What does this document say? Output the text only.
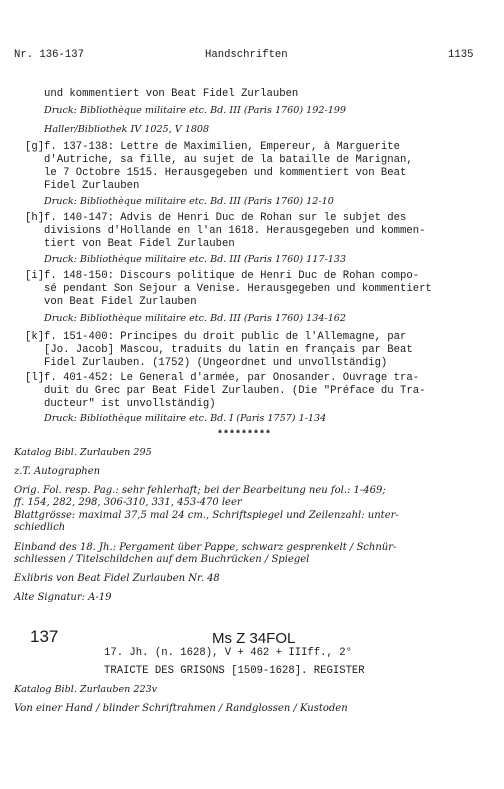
Nr. 136-137	Handschriften	1135
und kommentiert von Beat Fidel Zurlauben
Druck: Bibliothèque militaire etc. Bd. III (Paris 1760) 192-199
Haller/Bibliothek IV 1025, V 1808
[g] f. 137-138: Lettre de Maximilien, Empereur, à Marguerite
d'Autriche, sa fille, au sujet de la bataille de Marignan,
le 7 Octobre 1515. Herausgegeben und kommentiert von Beat
Fidel Zurlauben
Druck: Bibliothèque militaire etc. Bd. III (Paris 1760) 12-10
[h] f. 140-147: Advis de Henri Duc de Rohan sur le subjet des
divisions d'Hollande en l'an 1618. Herausgegeben und kommen-
tiert von Beat Fidel Zurlauben
Druck: Bibliothèque militaire etc. Bd. III (Paris 1760) 117-133
[i] f. 148-150: Discours politique de Henri Duc de Rohan compo-
sé pendant Son Sejour a Venise. Herausgegeben und kommentiert
von Beat Fidel Zurlauben
Druck: Bibliothèque militaire etc. Bd. III (Paris 1760) 134-162
[k] f. 151-400: Principes du droit public de l'Allemagne, par
[Jo. Jacob] Mascou, traduits du latin en français par Beat
Fidel Zurlauben. (1752) (Ungeordnet und unvollständig)
[l] f. 401-452: Le General d'armée, par Onosander. Ouvrage tra-
duit du Grec par Beat Fidel Zurlauben. (Die "Préface du Tra-
ducteur" ist unvollständig)
Druck: Bibliothèque militaire etc. Bd. I (Paris 1757) 1-134
*********
Katalog Bibl. Zurlauben 295
z.T. Autographen
Orig. Fol. resp. Pag.: sehr fehlerhaft; bei der Bearbeitung neu fol.: 1-469;
ff. 154, 282, 298, 306-310, 331, 453-470 leer
Blattgrösse: maximal 37,5 mal 24 cm., Schriftspiegel und Zeilenzahl: unter-
schiedlich
Einband des 18. Jh.: Pergament über Pappe, schwarz gesprenkelt / Schnür-
schliessen / Titelschildchen auf dem Buchrücken / Spiegel
Exlibris von Beat Fidel Zurlauben Nr. 48
Alte Signatur: A-19
137	Ms Z 34FOL
17. Jh. (n. 1628), V + 462 + IIIff., 2°
TRAICTE DES GRISONS [1509-1628]. REGISTER
Katalog Bibl. Zurlauben 223v
Von einer Hand / blinder Schriftrahmen / Randglossen / Kustoden
